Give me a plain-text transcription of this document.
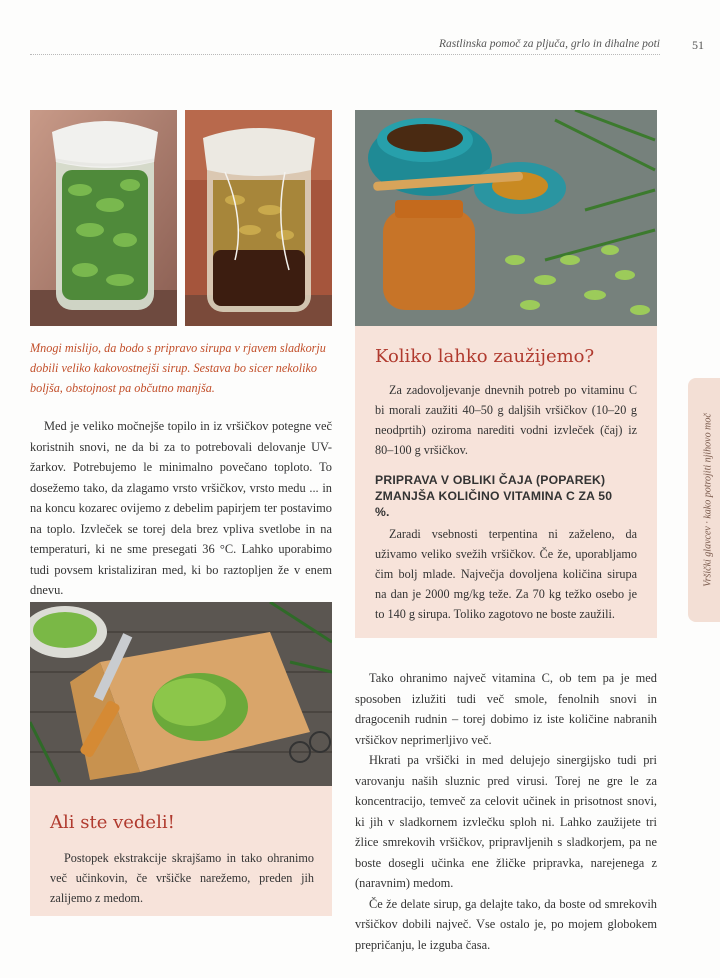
Rastlinska pomoč za pljuča, grlo in dihalne poti	51
Mnogi mislijo, da bodo s pripravo sirupa v rjavem sladkorju dobili veliko kakovostnejši sirup. Sestava bo sicer nekoliko boljša, obstojnost pa občutno manjša.

Med je veliko močnejše topilo in iz vršičkov potegne več koristnih snovi, ne da bi za to potrebovali delovanje UV-žarkov. Potrebujemo le minimalno povečano toploto. To dosežemo tako, da zlagamo vrsto vršičkov, vrsto medu ... in na koncu kozarec ovijemo z debelim papirjem ter postavimo na toplo. Izvleček se torej dela brez vpliva svetlobe in na temperaturi, ki ne sme presegati 36 °C. Lahko uporabimo tudi povsem kristaliziran med, ki bo raztopljen že v enem dnevu.

Koliko lahko zaužijemo?

Za zadovoljevanje dnevnih potreb po vitaminu C bi morali zaužiti 40–50 g daljših vršičkov (10–20 g neodprtih) oziroma narediti vodni izvleček (čaj) iz 80–100 g vršičkov.

PRIPRAVA V OBLIKI ČAJA (POPAREK) ZMANJŠA KOLIČINO VITAMINA C ZA 50 %.

Zaradi vsebnosti terpentina ni zaželeno, da uživamo veliko svežih vršičkov. Če že, uporabljamo čim bolj mlade. Največja dovoljena količina sirupa na dan je 2000 mg/kg teže. Za 70 kg težko osebo je to 140 g sirupa. Toliko zagotovo ne boste zaužili.

Ali ste vedeli!

Postopek ekstrakcije skrajšamo in tako ohranimo več učinkovin, če vršičke narežemo, preden jih zalijemo z medom.

Tako ohranimo največ vitamina C, ob tem pa je med sposoben izlužiti tudi več smole, fenolnih snovi in dragocenih rudnin – torej dobimo iz iste količine nabranih vršičkov neprimerljivo več.

Hkrati pa vršički in med delujejo sinergijsko tudi pri varovanju naših sluznic pred virusi. Torej ne gre le za koncentracijo, temveč za celovit učinek in prisotnost snovi, ki jih v sladkornem izvlečku sploh ni. Lahko zaužijete tri žlice smrekovih vršičkov, pripravljenih s sladkorjem, pa ne boste dosegli učinka ene žličke pripravka, narejenega z (naravnim) medom.

Če že delate sirup, ga delajte tako, da boste od smrekovih vršičkov dobili največ. Vse ostalo je, po mojem globokem prepričanju, le izguba časa.

Vršički glavcev · kako potrojiti njihovo moč
